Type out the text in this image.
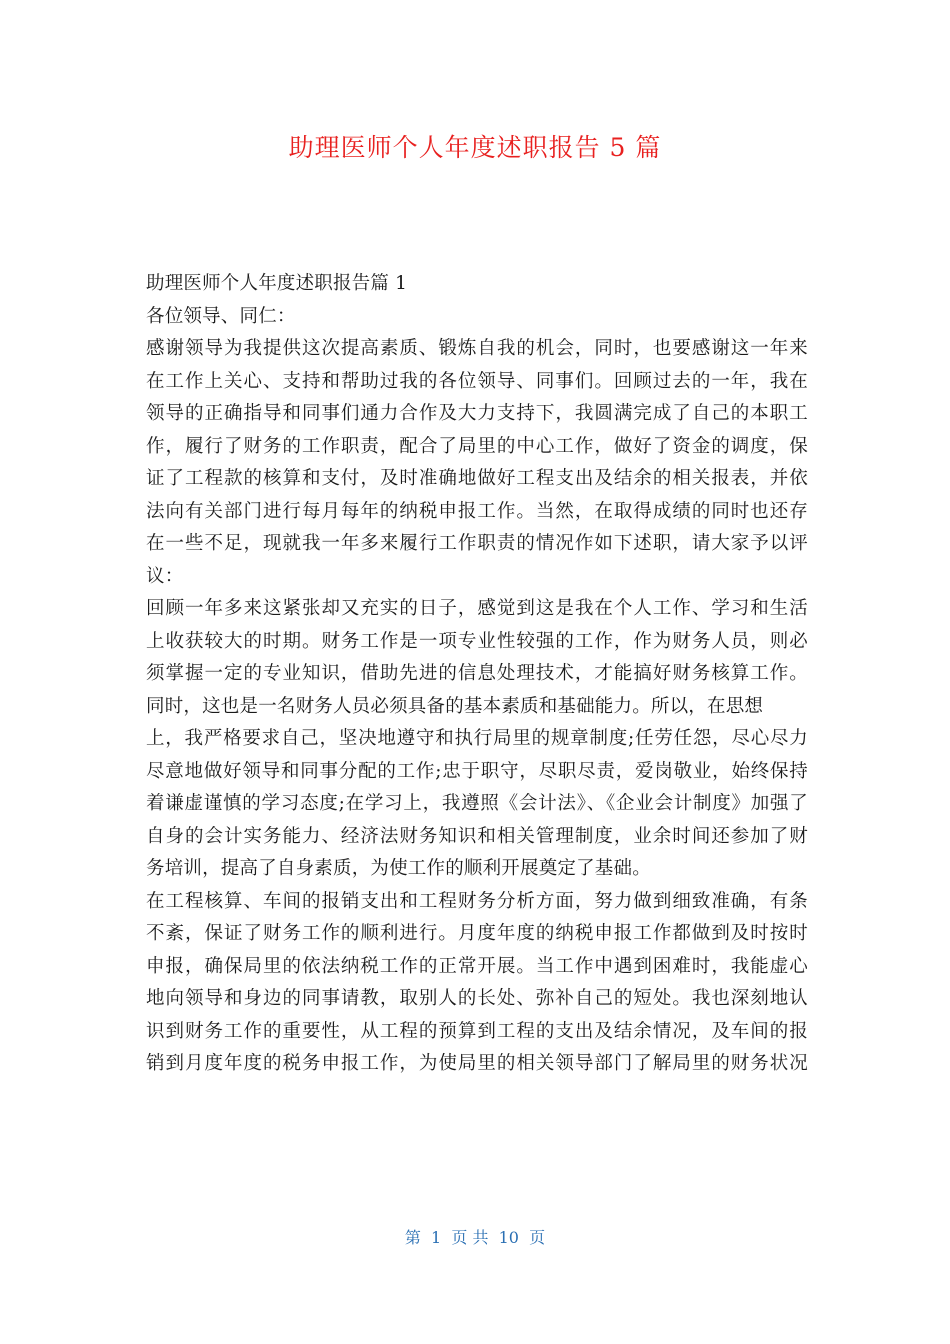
助理医师个人年度述职报告 5 篇
助理医师个人年度述职报告篇 1
各位领导、同仁：
感谢领导为我提供这次提高素质、锻炼自我的机会，同时，也要感谢这一年来
在工作上关心、支持和帮助过我的各位领导、同事们。回顾过去的一年，我在
领导的正确指导和同事们通力合作及大力支持下，我圆满完成了自己的本职工
作，履行了财务的工作职责，配合了局里的中心工作，做好了资金的调度，保
证了工程款的核算和支付，及时准确地做好工程支出及结余的相关报表，并依
法向有关部门进行每月每年的纳税申报工作。当然，在取得成绩的同时也还存
在一些不足，现就我一年多来履行工作职责的情况作如下述职，请大家予以评
议：
回顾一年多来这紧张却又充实的日子，感觉到这是我在个人工作、学习和生活
上收获较大的时期。财务工作是一项专业性较强的工作，作为财务人员，则必
须掌握一定的专业知识，借助先进的信息处理技术，才能搞好财务核算工作。
同时，这也是一名财务人员必须具备的基本素质和基础能力。所以，在思想
上，我严格要求自己，坚决地遵守和执行局里的规章制度;任劳任怨，尽心尽力
尽意地做好领导和同事分配的工作;忠于职守，尽职尽责，爱岗敬业，始终保持
着谦虚谨慎的学习态度;在学习上，我遵照《会计法》、《企业会计制度》加强了
自身的会计实务能力、经济法财务知识和相关管理制度，业余时间还参加了财
务培训，提高了自身素质，为使工作的顺利开展奠定了基础。
在工程核算、车间的报销支出和工程财务分析方面，努力做到细致准确，有条
不紊，保证了财务工作的顺利进行。月度年度的纳税申报工作都做到及时按时
申报，确保局里的依法纳税工作的正常开展。当工作中遇到困难时，我能虚心
地向领导和身边的同事请教，取别人的长处、弥补自己的短处。我也深刻地认
识到财务工作的重要性，从工程的预算到工程的支出及结余情况，及车间的报
销到月度年度的税务申报工作，为使局里的相关领导部门了解局里的财务状况
第  1  页 共  10  页
